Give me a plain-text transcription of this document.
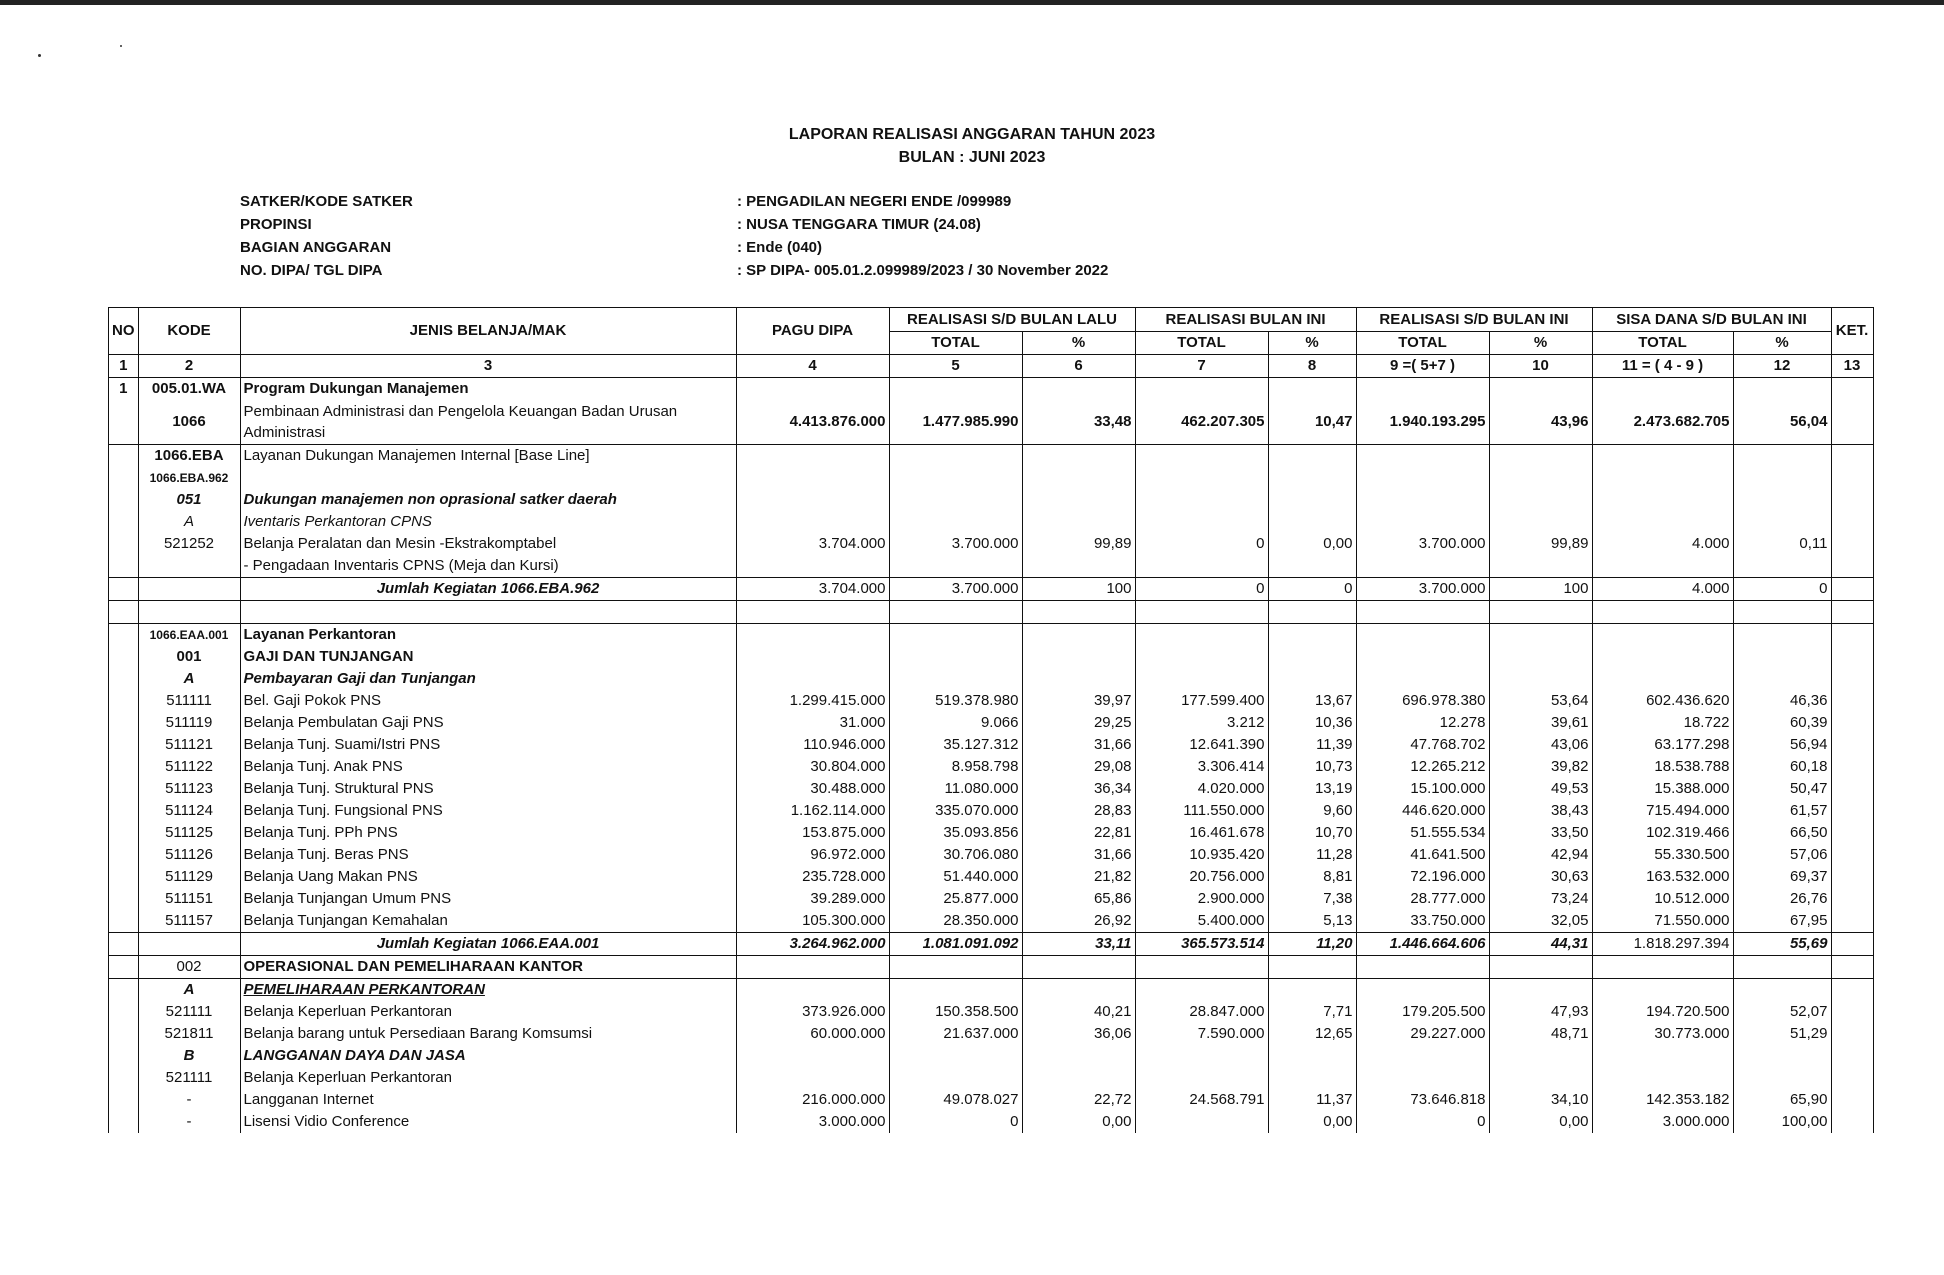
LAPORAN REALISASI ANGGARAN TAHUN 2023
BULAN : JUNI 2023
SATKER/KODE SATKER	: PENGADILAN NEGERI ENDE /099989
PROPINSI	: NUSA TENGGARA TIMUR (24.08)
BAGIAN ANGGARAN	: Ende (040)
NO. DIPA/ TGL DIPA	: SP DIPA- 005.01.2.099989/2023 / 30 November 2022
NO	KODE	JENIS BELANJA/MAK	PAGU DIPA	REALISASI S/D BULAN LALU		REALISASI BULAN INI		REALISASI S/D BULAN INI		SISA DANA S/D BULAN INI		KET.
				TOTAL	%	TOTAL	%	TOTAL	%	TOTAL	%	
1	2	3	4	5	6	7	8	9 =( 5+7 )	10	11 = ( 4 - 9 )	12	13
1	005.01.WA	Program Dukungan Manajemen										
	1066	Pembinaan Administrasi dan Pengelola Keuangan Badan Urusan Administrasi	4.413.876.000	1.477.985.990	33,48	462.207.305	10,47	1.940.193.295	43,96	2.473.682.705	56,04	
	1066.EBA	Layanan Dukungan Manajemen Internal [Base Line]										
	1066.EBA.962											
	051	Dukungan manajemen non oprasional satker daerah										
	A	Iventaris Perkantoran CPNS										
	521252	Belanja Peralatan dan Mesin -Ekstrakomptabel	3.704.000	3.700.000	99,89	0	0,00	3.700.000	99,89	4.000	0,11	
		- Pengadaan Inventaris CPNS (Meja dan Kursi)										
		Jumlah Kegiatan 1066.EBA.962	3.704.000	3.700.000	100	0	0	3.700.000	100	4.000	0	

	1066.EAA.001	Layanan Perkantoran										
	001	GAJI DAN TUNJANGAN										
	A	Pembayaran Gaji dan Tunjangan										
	511111	Bel. Gaji Pokok PNS	1.299.415.000	519.378.980	39,97	177.599.400	13,67	696.978.380	53,64	602.436.620	46,36	
	511119	Belanja Pembulatan Gaji PNS	31.000	9.066	29,25	3.212	10,36	12.278	39,61	18.722	60,39	
	511121	Belanja Tunj. Suami/Istri PNS	110.946.000	35.127.312	31,66	12.641.390	11,39	47.768.702	43,06	63.177.298	56,94	
	511122	Belanja Tunj. Anak PNS	30.804.000	8.958.798	29,08	3.306.414	10,73	12.265.212	39,82	18.538.788	60,18	
	511123	Belanja Tunj. Struktural PNS	30.488.000	11.080.000	36,34	4.020.000	13,19	15.100.000	49,53	15.388.000	50,47	
	511124	Belanja Tunj. Fungsional PNS	1.162.114.000	335.070.000	28,83	111.550.000	9,60	446.620.000	38,43	715.494.000	61,57	
	511125	Belanja Tunj. PPh PNS	153.875.000	35.093.856	22,81	16.461.678	10,70	51.555.534	33,50	102.319.466	66,50	
	511126	Belanja Tunj. Beras PNS	96.972.000	30.706.080	31,66	10.935.420	11,28	41.641.500	42,94	55.330.500	57,06	
	511129	Belanja Uang Makan PNS	235.728.000	51.440.000	21,82	20.756.000	8,81	72.196.000	30,63	163.532.000	69,37	
	511151	Belanja Tunjangan Umum PNS	39.289.000	25.877.000	65,86	2.900.000	7,38	28.777.000	73,24	10.512.000	26,76	
	511157	Belanja Tunjangan Kemahalan	105.300.000	28.350.000	26,92	5.400.000	5,13	33.750.000	32,05	71.550.000	67,95	
		Jumlah Kegiatan 1066.EAA.001	3.264.962.000	1.081.091.092	33,11	365.573.514	11,20	1.446.664.606	44,31	1.818.297.394	55,69	
	002	OPERASIONAL DAN PEMELIHARAAN KANTOR										
	A	PEMELIHARAAN PERKANTORAN										
	521111	Belanja Keperluan Perkantoran	373.926.000	150.358.500	40,21	28.847.000	7,71	179.205.500	47,93	194.720.500	52,07	
	521811	Belanja barang untuk Persediaan Barang Komsumsi	60.000.000	21.637.000	36,06	7.590.000	12,65	29.227.000	48,71	30.773.000	51,29	
	B	LANGGANAN DAYA DAN JASA										
	521111	Belanja Keperluan Perkantoran										
	-	Langganan Internet	216.000.000	49.078.027	22,72	24.568.791	11,37	73.646.818	34,10	142.353.182	65,90	
	-	Lisensi Vidio Conference	3.000.000	0	0,00		0,00	0	0,00	3.000.000	100,00	
